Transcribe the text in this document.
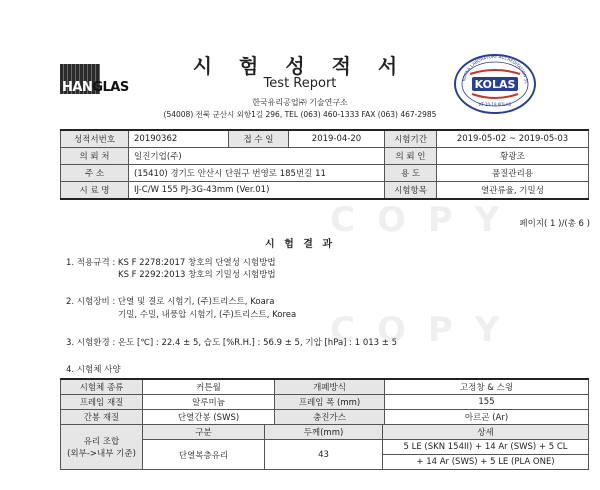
HANGLAS
시 험 성 적 서
Test Report
한국유리공업㈜ 기술연구소
(54008) 전북 군산시 외항1길 296, TEL (063) 460-1333 FAX (063) 467-2985
KOREA LABORATORY ACCREDITATION SC
KOLAS
KT 10-18 KOLAS
성적서번호	20190362	접 수 일	2019-04-20	시험기간	2019-05-02 ~ 2019-05-03
의 뢰 처	일진기업(주)			의 뢰 인	황광조
주 소	(15410) 경기도 안산시 단원구 번영로 185번길 11			용 도	품질관리용
시 료 명	IJ-C/W 155 PJ-3G-43mm (Ver.01)			시험항목	열관류율, 기밀성
페이지( 1 )/(총 6 )
시 험 결 과
1. 적용규격 : KS F 2278:2017 창호의 단열성 시험방법
KS F 2292:2013 창호의 기밀성 시험방법
2. 시험장비 : 단열 및 결로 시험기, (주)트리스트, Koara
기밀, 수밀, 내풍압 시험기, (주)트리스트, Korea
3. 시험환경 : 온도 [℃] : 22.4 ± 5, 습도 [%R.H.] : 56.9 ± 5, 기압 [hPa] : 1 013 ± 5
4. 시험체 사양
시험체 종류	커튼월		개폐방식		고정창 & 스윙
프레임 재질	알루미늄		프레임 폭 (mm)		155
간봉 재질	단열간봉 (SWS)		충진가스		아르곤 (Ar)

유리 조합
(외부->내부 기준)	구분	두께(mm)		상세	
	단열복층유리	43		5 LE (SKN 154II) + 14 Ar (SWS) + 5 CL	
				+ 14 Ar (SWS) + 5 LE (PLA ONE)	
COPY
COPY
